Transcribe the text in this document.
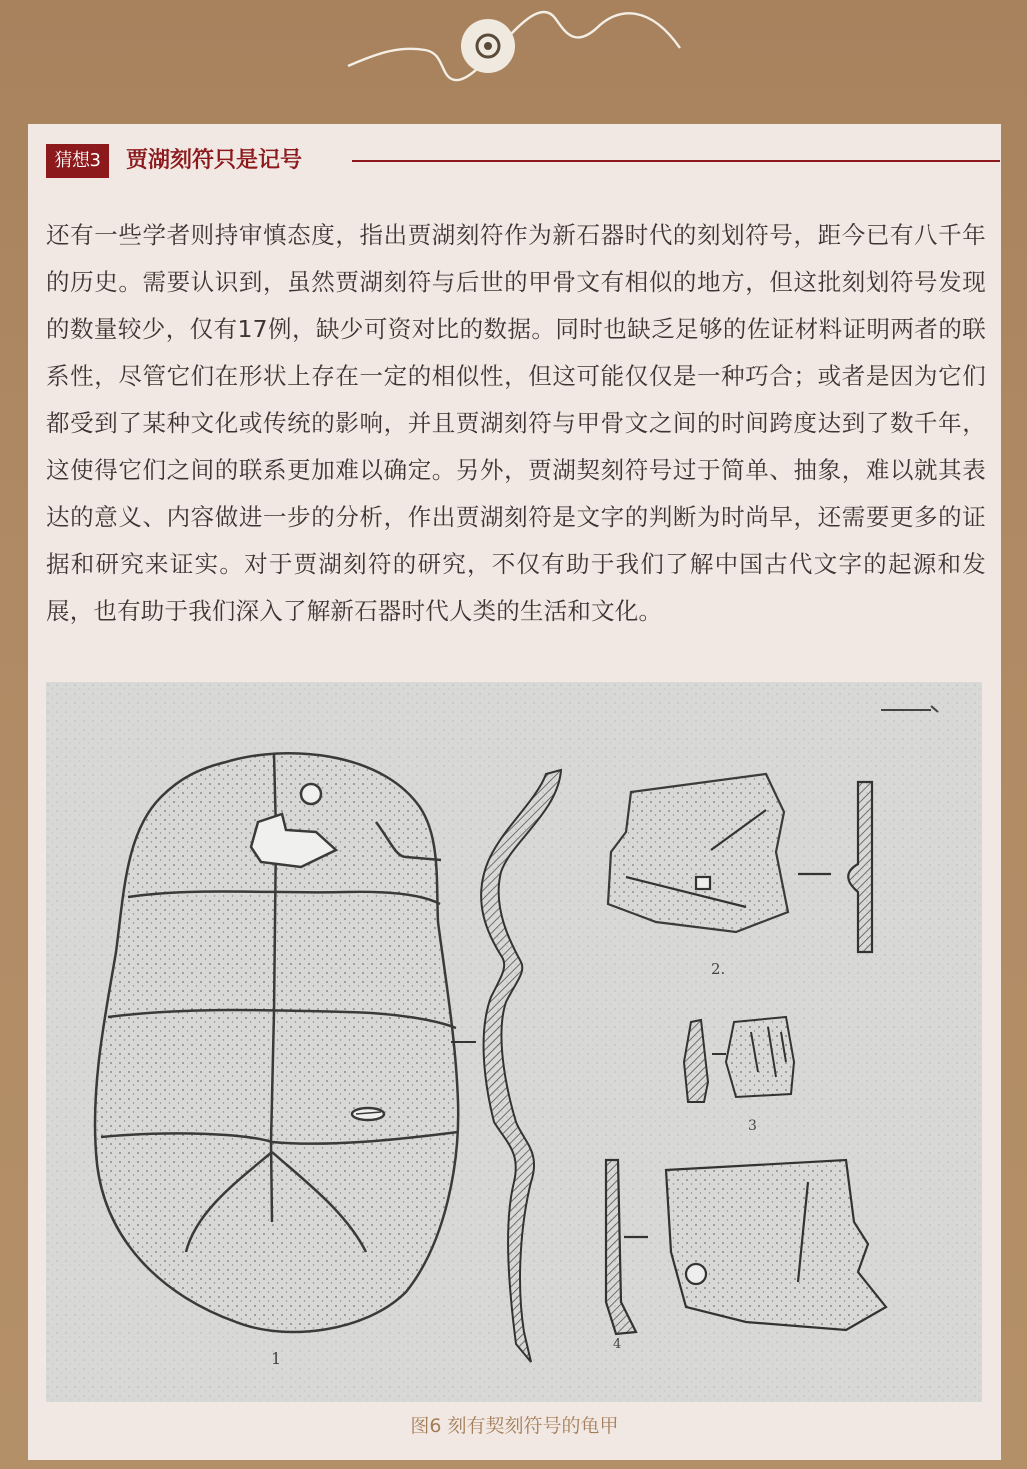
猜想3	贾湖刻符只是记号

还有一些学者则持审慎态度，指出贾湖刻符作为新石器时代的刻划符号，距今已有八千年的历史。需要认识到，虽然贾湖刻符与后世的甲骨文有相似的地方，但这批刻划符号发现的数量较少，仅有17例，缺少可资对比的数据。同时也缺乏足够的佐证材料证明两者的联系性，尽管它们在形状上存在一定的相似性，但这可能仅仅是一种巧合；或者是因为它们都受到了某种文化或传统的影响，并且贾湖刻符与甲骨文之间的时间跨度达到了数千年，这使得它们之间的联系更加难以确定。另外，贾湖契刻符号过于简单、抽象，难以就其表达的意义、内容做进一步的分析，作出贾湖刻符是文字的判断为时尚早，还需要更多的证据和研究来证实。对于贾湖刻符的研究，不仅有助于我们了解中国古代文字的起源和发展，也有助于我们深入了解新石器时代人类的生活和文化。

1
2.
3
4
图6 刻有契刻符号的龟甲
